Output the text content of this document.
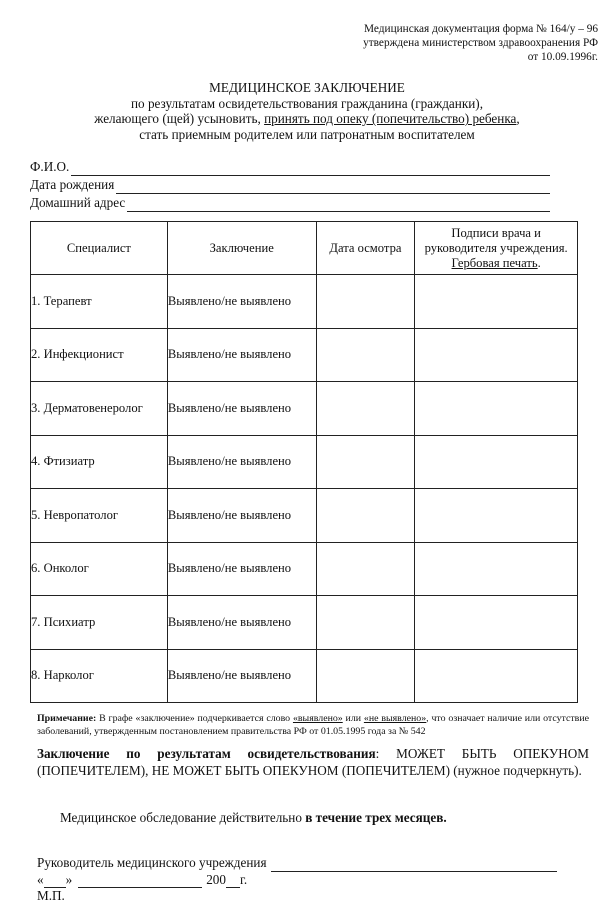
Медицинская документация форма № 164/у – 96
утверждена министерством здравоохранения РФ
от 10.09.1996г.
МЕДИЦИНСКОЕ ЗАКЛЮЧЕНИЕ
по результатам освидетельствования гражданина (гражданки),
желающего (щей) усыновить, принять под опеку (попечительство) ребенка,
стать приемным родителем или патронатным воспитателем
Ф.И.О.
Дата рождения
Домашний адрес
Специалист	Заключение	Дата осмотра	Подписи врача и
руководителя учреждения.
Гербовая печать.

1. Терапевт	Выявлено/не выявлено		
2. Инфекционист	Выявлено/не выявлено		
3. Дерматовенеролог	Выявлено/не выявлено		
4. Фтизиатр	Выявлено/не выявлено		
5. Невропатолог	Выявлено/не выявлено		
6. Онколог	Выявлено/не выявлено		
7. Психиатр	Выявлено/не выявлено		
8. Нарколог	Выявлено/не выявлено		
Примечание: В графе «заключение» подчеркивается слово «выявлено» или «не выявлено», что означает наличие или отсутствие заболеваний, утвержденным постановлением правительства РФ от 01.05.1995 года за № 542
Заключение по результатам освидетельствования: МОЖЕТ БЫТЬ ОПЕКУНОМ (ПОПЕЧИТЕЛЕМ), НЕ МОЖЕТ БЫТЬ ОПЕКУНОМ (ПОПЕЧИТЕЛЕМ) (нужное подчеркнуть).
Медицинское обследование действительно в течение трех месяцев.
Руководитель медицинского учреждения
« »	200 г.
М.П.
